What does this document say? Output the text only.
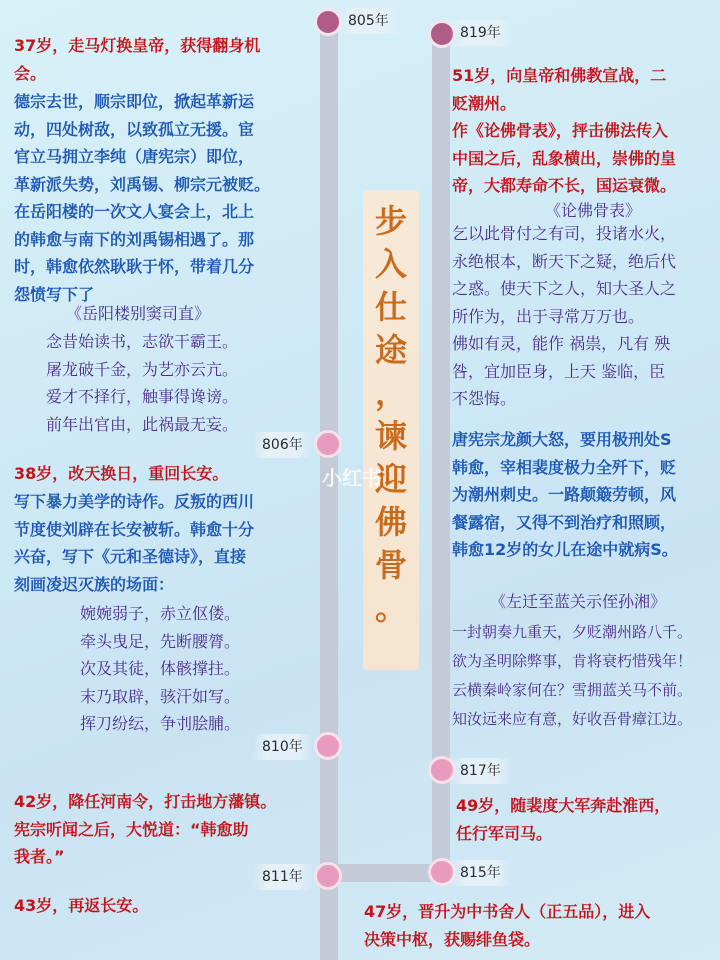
805年
819年
806年
810年
817年
811年	815年
步
入
仕
途
，
谏
迎
佛
骨
。
小红书
37岁，走马灯换皇帝，获得翻身机
会。
德宗去世，顺宗即位，掀起革新运
动，四处树敌，以致孤立无援。宦
官立马拥立李纯（唐宪宗）即位，
革新派失势，刘禹锡、柳宗元被贬。
在岳阳楼的一次文人宴会上，北上
的韩愈与南下的刘禹锡相遇了。那
时，韩愈依然耿耿于怀，带着几分
怨愤写下了
《岳阳楼别窦司直》
念昔始读书，志欲干霸王。
屠龙破千金，为艺亦云亢。
爱才不择行，触事得谗谤。
前年出官由，此祸最无妄。
38岁，改天换日，重回长安。
写下暴力美学的诗作。反叛的西川
节度使刘辟在长安被斩。韩愈十分
兴奋，写下《元和圣德诗》，直接
刻画凌迟灭族的场面：
婉婉弱子，赤立伛偻。
牵头曳足，先断腰膂。
次及其徒，体骸撑拄。
末乃取辟，骇汗如写。
挥刀纷纭，争刌脍脯。
42岁，降任河南令，打击地方藩镇。
宪宗听闻之后，大悦道：“韩愈助
我者。”
43岁，再返长安。
51岁，向皇帝和佛教宣战，二
贬潮州。
作《论佛骨表》，抨击佛法传入
中国之后，乱象横出，崇佛的皇
帝，大都寿命不长，国运衰微。
《论佛骨表》
乞以此骨付之有司，投诸水火，
永绝根本，断天下之疑，绝后代
之惑。使天下之人，知大圣人之
所作为，出于寻常万万也。
佛如有灵，能作 祸祟，凡有 殃
咎，宜加臣身，上天 鉴临，臣
不怨悔。
唐宪宗龙颜大怒，要用极刑处S
韩愈，宰相裴度极力全歼下，贬
为潮州刺史。一路颠簸劳顿，风
餐露宿，又得不到治疗和照顾，
韩愈12岁的女儿在途中就病S。
《左迁至蓝关示侄孙湘》
一封朝奏九重天，夕贬潮州路八千。
欲为圣明除弊事，肯将衰朽惜残年！
云横秦岭家何在？雪拥蓝关马不前。
知汝远来应有意，好收吾骨瘴江边。
49岁，随裴度大军奔赴淮西，
任行军司马。
47岁，晋升为中书舍人（正五品），进入
决策中枢，获赐绯鱼袋。
